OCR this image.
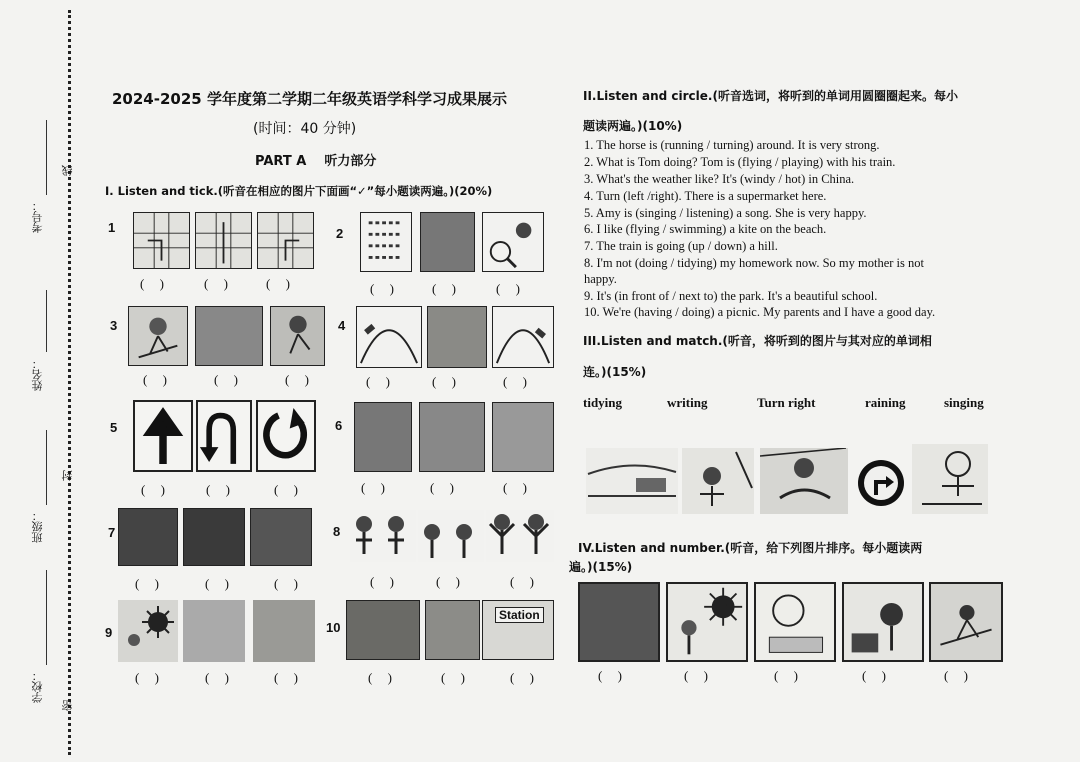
线
封
密
考号：
姓名：
班级：
学校：
2024-2025 学年度第二学期二年级英语学科学习成果展示
(时间：40 分钟)
PART A    听力部分
I. Listen and tick.(听音在相应的图片下面画“✓”每小题读两遍。)(20%)
1
( )	( ) ( )
2
( ) ( )	( )
3
( )	( )	( )
4
( )	( )	( )
5
( )	( )	( )
6
( )	( )	( )
7
( )	( )	( )
8
( )	( )	( )
9
( )	( )	( )
10
Station
( )	( )	( )
II.Listen and circle.(听音选词，将听到的单词用圆圈圈起来。每小
题读两遍。)(10%)
1. The horse is (running / turning) around. It is very strong.
2. What is Tom doing? Tom is (flying / playing) with his train.
3. What's the weather like? It's (windy / hot) in China.
4. Turn (left /right). There is a supermarket here.
5. Amy is (singing / listening) a song. She is very happy.
6. I like (flying / swimming) a kite on the beach.
7. The train is going (up / down) a hill.
8. I'm not (doing / tidying) my homework now. So my mother is not
happy.
9. It's (in front of / next to) the park. It's a beautiful school.
10. We're (having / doing) a picnic. My parents and I have a good day.
III.Listen and match.(听音，将听到的图片与其对应的单词相
连。)(15%)
tidying	writing	Turn right	raining	singing
IV.Listen and number.(听音，给下列图片排序。每小题读两
遍。)(15%)
( )	( )	( )	( )	( )
